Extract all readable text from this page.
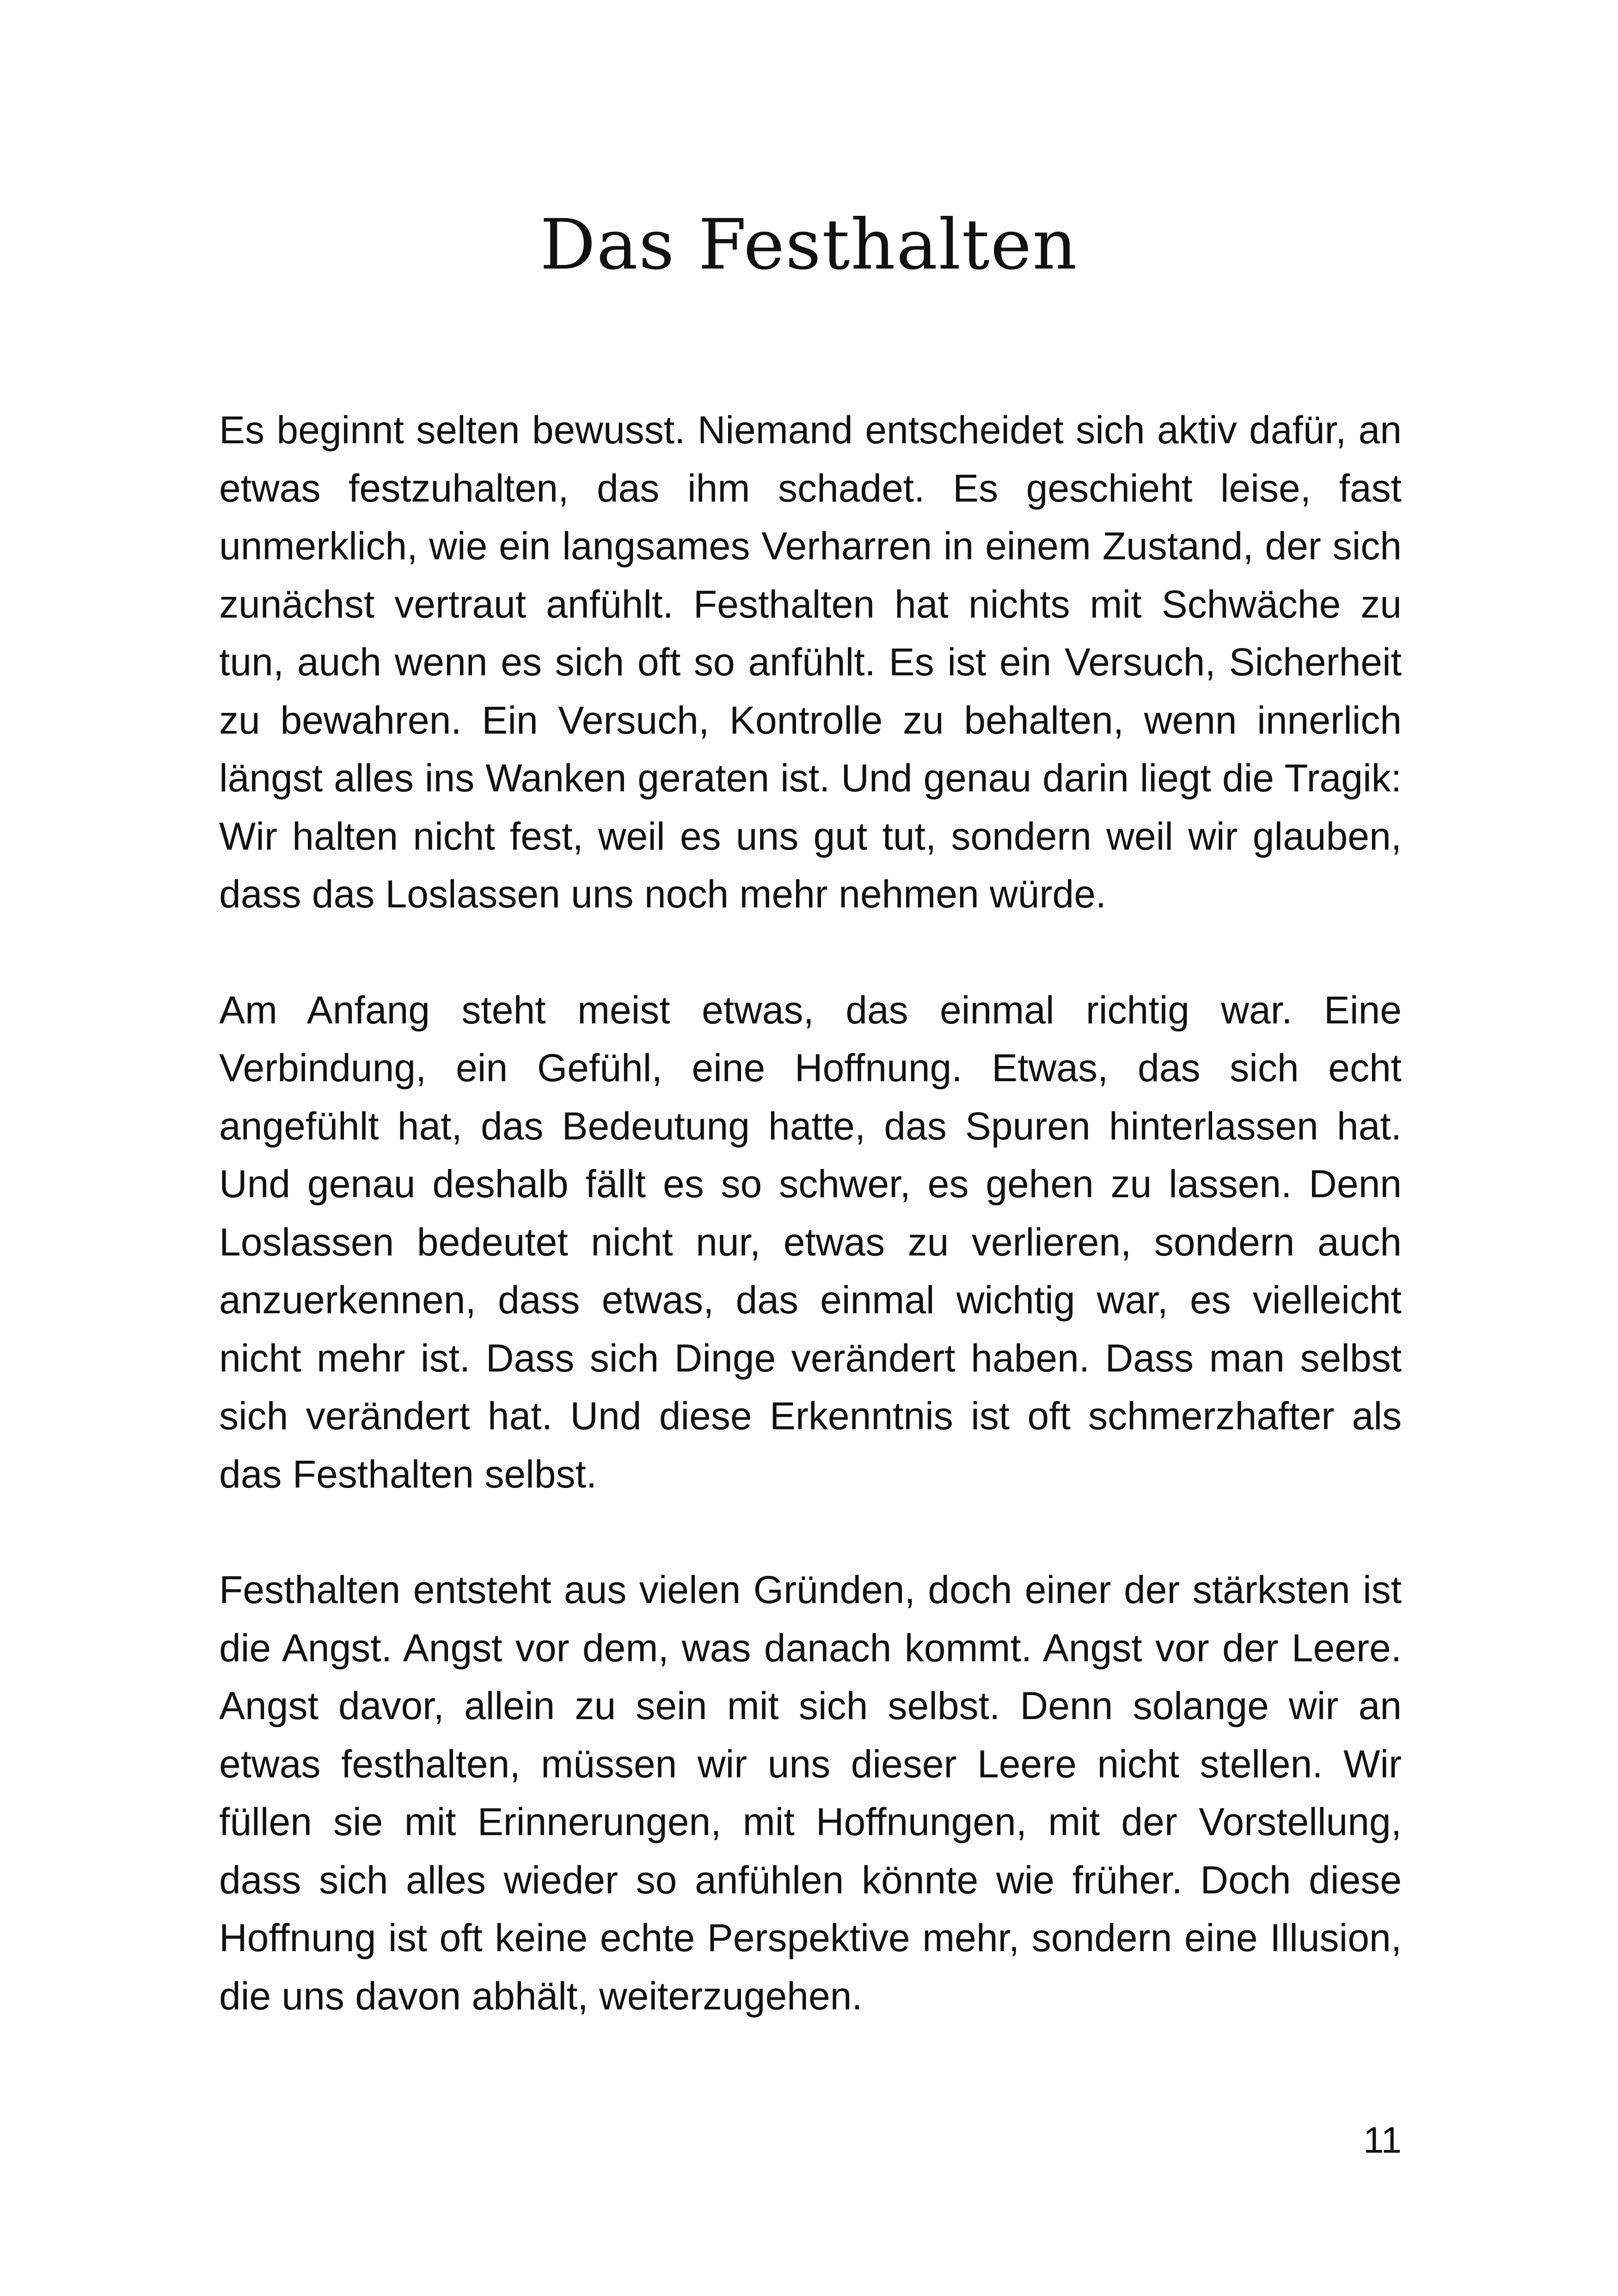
Das Festhalten

Es beginnt selten bewusst. Niemand entscheidet sich aktiv dafür, an etwas festzuhalten, das ihm schadet. Es geschieht leise, fast unmerklich, wie ein langsames Verharren in einem Zustand, der sich zunächst vertraut anfühlt. Festhalten hat nichts mit Schwäche zu tun, auch wenn es sich oft so anfühlt. Es ist ein Versuch, Sicherheit zu bewahren. Ein Versuch, Kontrolle zu behalten, wenn innerlich längst alles ins Wanken geraten ist. Und genau darin liegt die Tragik: Wir halten nicht fest, weil es uns gut tut, sondern weil wir glauben, dass das Loslassen uns noch mehr nehmen würde.

Am Anfang steht meist etwas, das einmal richtig war. Eine Verbindung, ein Gefühl, eine Hoffnung. Etwas, das sich echt angefühlt hat, das Bedeutung hatte, das Spuren hinterlassen hat. Und genau deshalb fällt es so schwer, es gehen zu lassen. Denn Loslassen bedeutet nicht nur, etwas zu verlieren, sondern auch anzuerkennen, dass etwas, das einmal wichtig war, es vielleicht nicht mehr ist. Dass sich Dinge verändert haben. Dass man selbst sich verändert hat. Und diese Erkenntnis ist oft schmerzhafter als das Festhalten selbst.

Festhalten entsteht aus vielen Gründen, doch einer der stärksten ist die Angst. Angst vor dem, was danach kommt. Angst vor der Leere. Angst davor, allein zu sein mit sich selbst. Denn solange wir an etwas festhalten, müssen wir uns dieser Leere nicht stellen. Wir füllen sie mit Erinnerungen, mit Hoffnungen, mit der Vorstellung, dass sich alles wieder so anfühlen könnte wie früher. Doch diese Hoffnung ist oft keine echte Perspektive mehr, sondern eine Illusion, die uns davon abhält, weiterzugehen.

11
